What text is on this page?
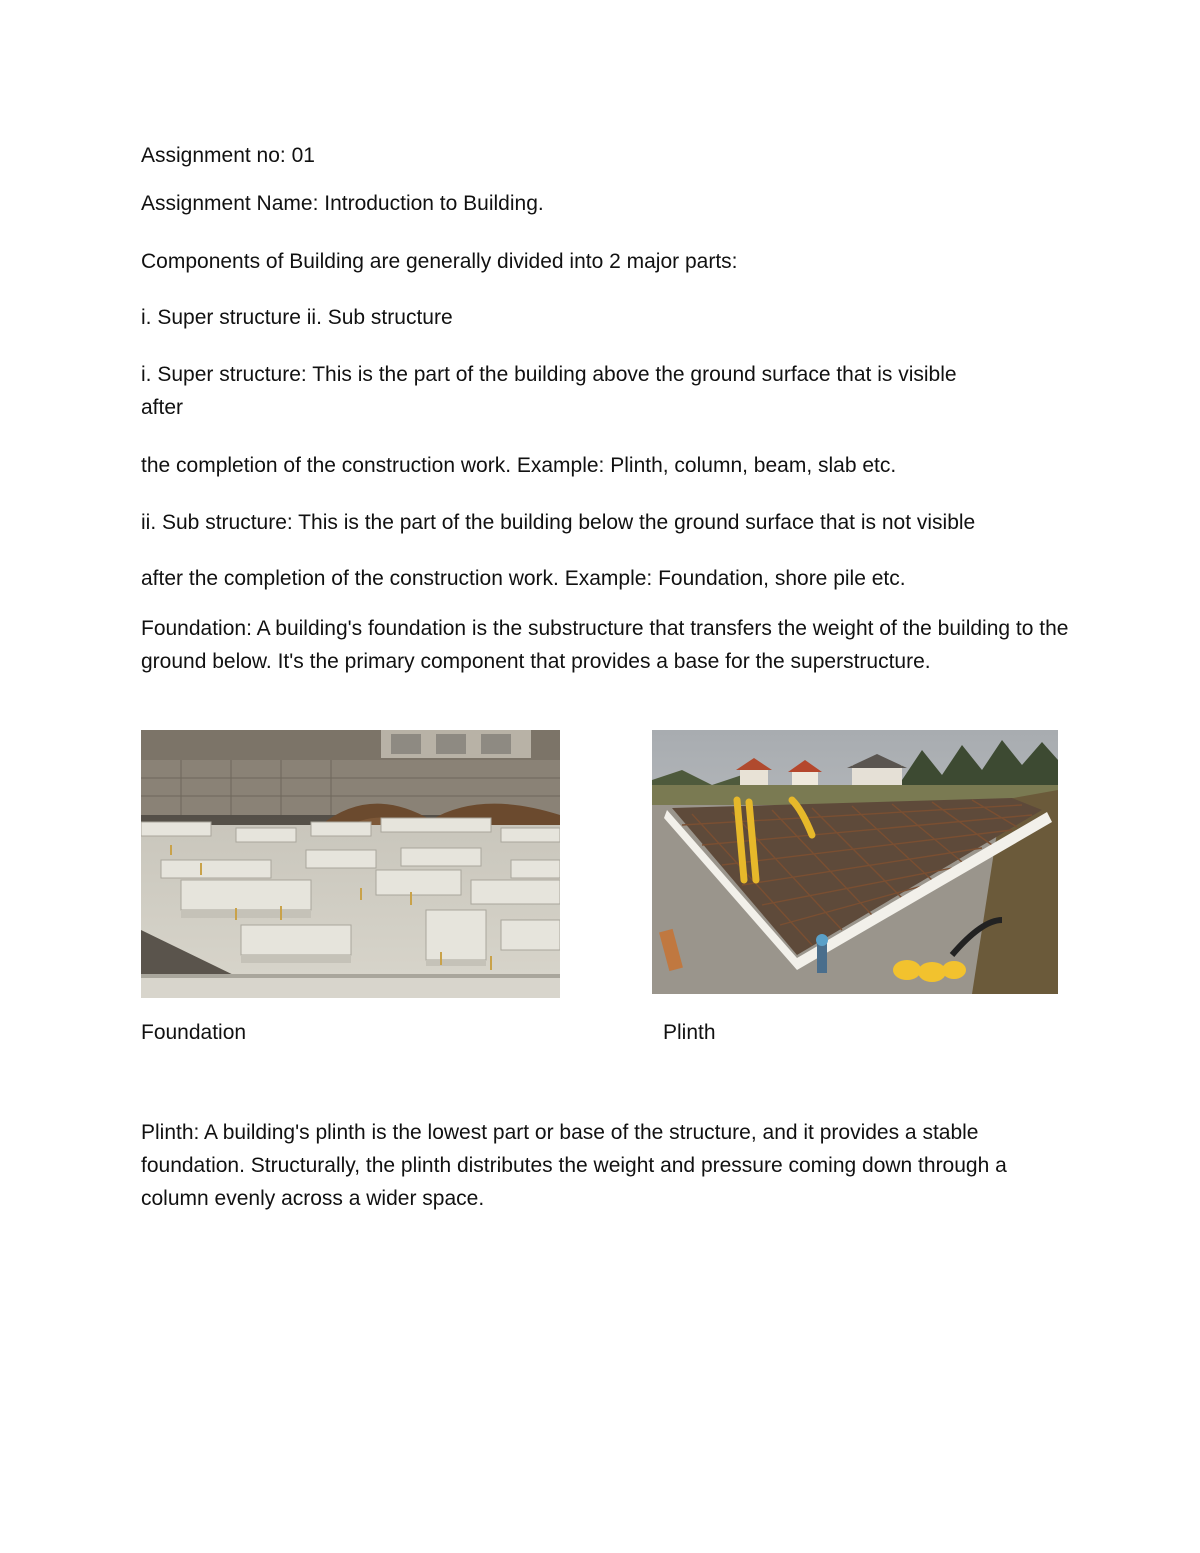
Assignment no: 01
Assignment Name: Introduction to Building.
Components of Building are generally divided into 2 major parts:
i. Super structure ii. Sub structure
i. Super structure: This is the part of the building above the ground surface that is visible
after
the completion of the construction work. Example: Plinth, column, beam, slab etc.
ii. Sub structure: This is the part of the building below the ground surface that is not visible
after the completion of the construction work. Example: Foundation, shore pile etc.
Foundation: A building's foundation is the substructure that transfers the weight of the building to the ground below. It's the primary component that provides a base for the superstructure.
Foundation	Plinth
Plinth: A building's plinth is the lowest part or base of the structure, and it provides a stable foundation. Structurally, the plinth distributes the weight and pressure coming down through a column evenly across a wider space.
